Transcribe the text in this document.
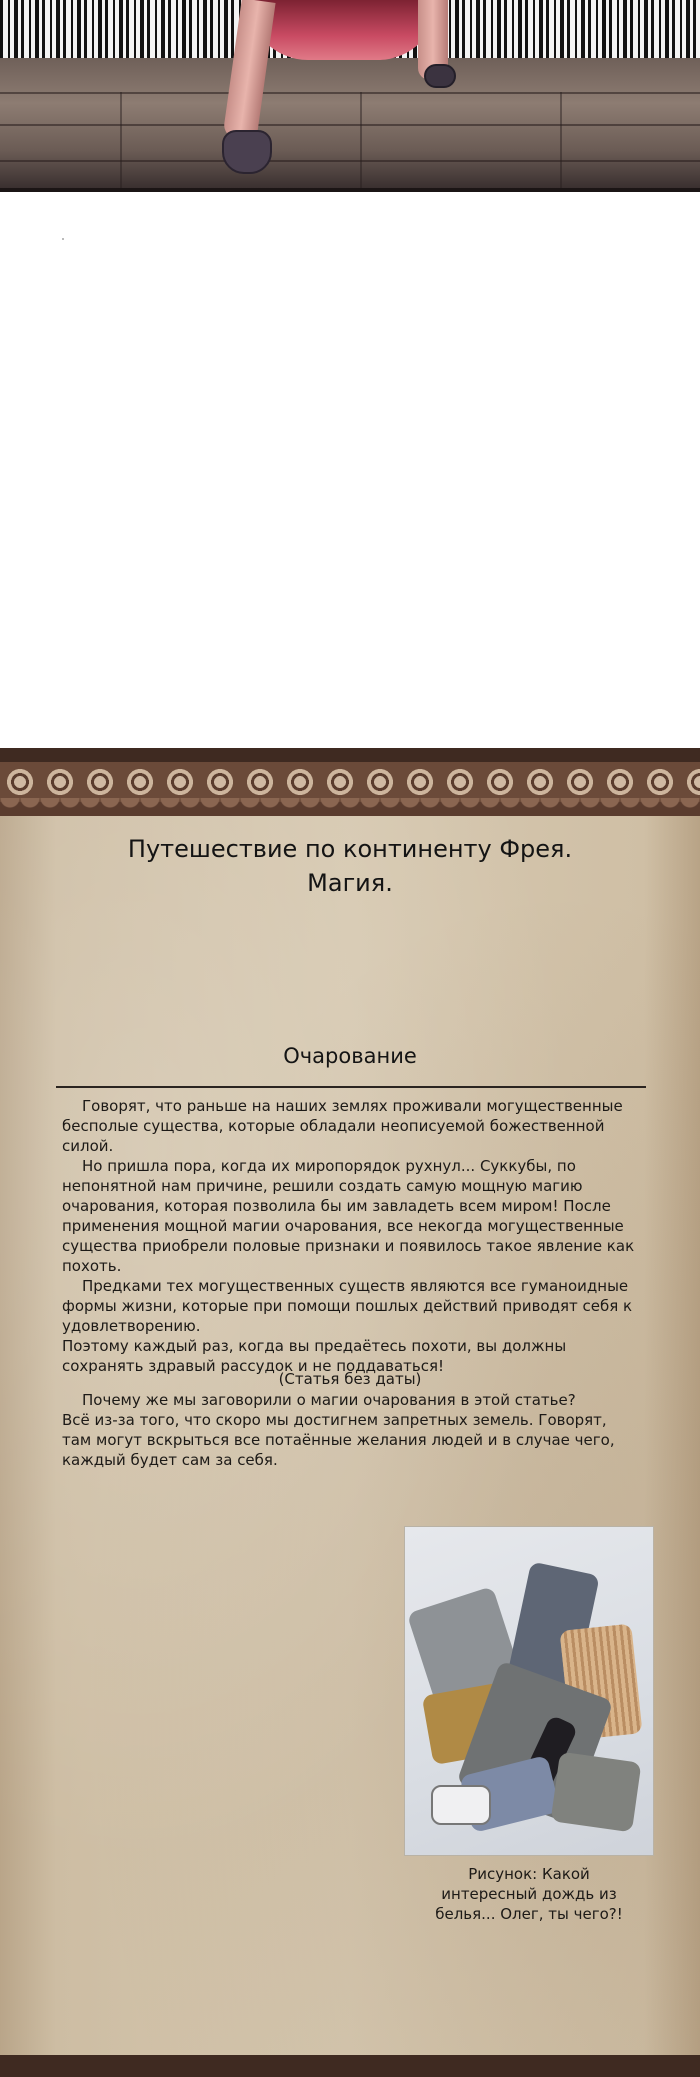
Путешествие по континенту Фрея.
Магия.
Очарование

Говорят, что раньше на наших землях проживали могущественные бесполые существа, которые обладали неописуемой божественной силой.

Но пришла пора, когда их миропорядок рухнул... Суккубы, по непонятной нам причине, решили создать самую мощную магию очарования, которая позволила бы им завладеть всем миром! После применения мощной магии очарования, все некогда могущественные существа приобрели половые признаки и появилось такое явление как похоть.

Предками тех могущественных существ являются все гуманоидные формы жизни, которые при помощи пошлых действий приводят себя к удовлетворению.

Поэтому каждый раз, когда вы предаётесь похоти, вы должны сохранять здравый рассудок и не поддаваться!

(Статья без даты)

Почему же мы заговорили о магии очарования в этой статье?

Всё из-за того, что скоро мы достигнем запретных земель. Говорят, там могут вскрыться все потаённые желания людей и в случае чего, каждый будет сам за себя.

Рисунок: Какой
интересный дождь из
белья... Олег, ты чего?!
